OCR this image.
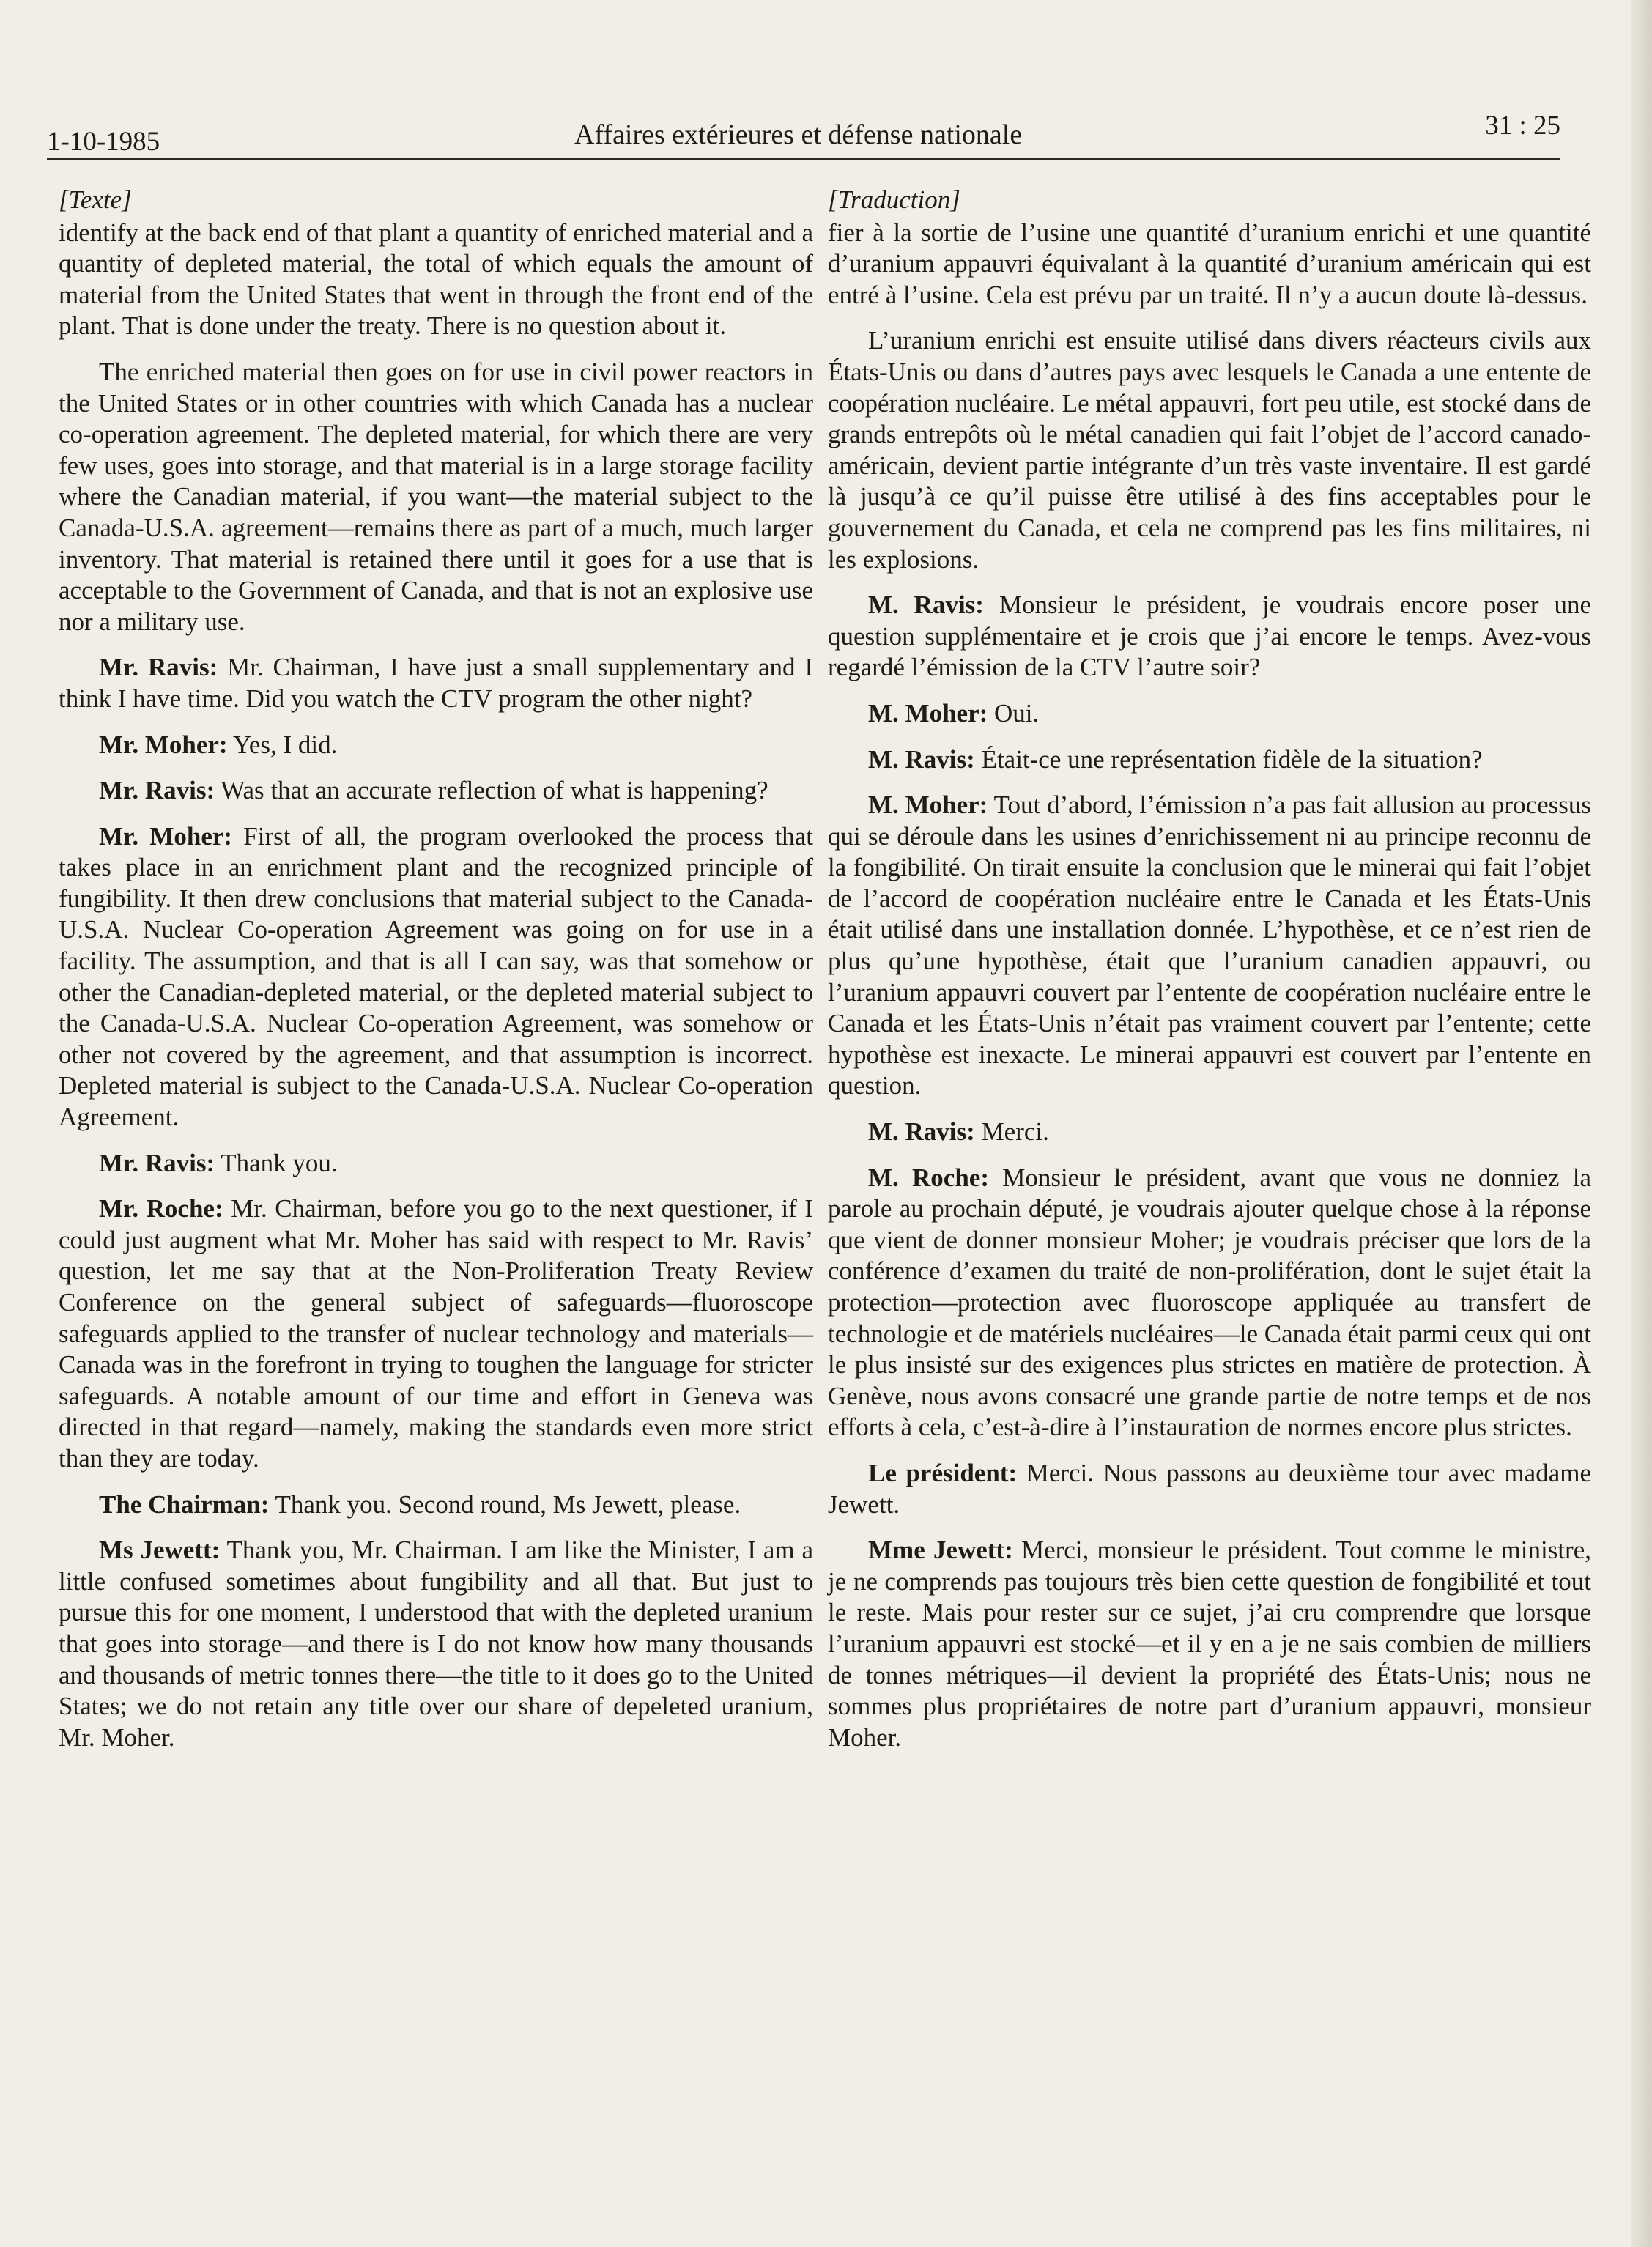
1-10-1985	Affaires extérieures et défense nationale	31 : 25
[Texte]

identify at the back end of that plant a quantity of enriched material and a quantity of depleted material, the total of which equals the amount of material from the United States that went in through the front end of the plant. That is done under the treaty. There is no question about it.

The enriched material then goes on for use in civil power reactors in the United States or in other countries with which Canada has a nuclear co-operation agreement. The depleted material, for which there are very few uses, goes into storage, and that material is in a large storage facility where the Canadian material, if you want—the material subject to the Canada-U.S.A. agreement—remains there as part of a much, much larger inventory. That material is retained there until it goes for a use that is acceptable to the Government of Canada, and that is not an explosive use nor a military use.

Mr. Ravis: Mr. Chairman, I have just a small supplementary and I think I have time. Did you watch the CTV program the other night?

Mr. Moher: Yes, I did.

Mr. Ravis: Was that an accurate reflection of what is happening?

Mr. Moher: First of all, the program overlooked the process that takes place in an enrichment plant and the recognized principle of fungibility. It then drew conclusions that material subject to the Canada-U.S.A. Nuclear Co-operation Agreement was going on for use in a facility. The assumption, and that is all I can say, was that somehow or other the Canadian-depleted material, or the depleted material subject to the Canada-U.S.A. Nuclear Co-operation Agreement, was somehow or other not covered by the agreement, and that assumption is incorrect. Depleted material is subject to the Canada-U.S.A. Nuclear Co-operation Agreement.

Mr. Ravis: Thank you.

Mr. Roche: Mr. Chairman, before you go to the next questioner, if I could just augment what Mr. Moher has said with respect to Mr. Ravis’ question, let me say that at the Non-Proliferation Treaty Review Conference on the general subject of safeguards—fluoroscope safeguards applied to the transfer of nuclear technology and materials—Canada was in the forefront in trying to toughen the language for stricter safeguards. A notable amount of our time and effort in Geneva was directed in that regard—namely, making the standards even more strict than they are today.

The Chairman: Thank you. Second round, Ms Jewett, please.

Ms Jewett: Thank you, Mr. Chairman. I am like the Minister, I am a little confused sometimes about fungibility and all that. But just to pursue this for one moment, I understood that with the depleted uranium that goes into storage—and there is I do not know how many thousands and thousands of metric tonnes there—the title to it does go to the United States; we do not retain any title over our share of depeleted uranium, Mr. Moher.

[Traduction]

fier à la sortie de l’usine une quantité d’uranium enrichi et une quantité d’uranium appauvri équivalant à la quantité d’uranium américain qui est entré à l’usine. Cela est prévu par un traité. Il n’y a aucun doute là-dessus.

L’uranium enrichi est ensuite utilisé dans divers réacteurs civils aux États-Unis ou dans d’autres pays avec lesquels le Canada a une entente de coopération nucléaire. Le métal appauvri, fort peu utile, est stocké dans de grands entrepôts où le métal canadien qui fait l’objet de l’accord canado-américain, devient partie intégrante d’un très vaste inventaire. Il est gardé là jusqu’à ce qu’il puisse être utilisé à des fins acceptables pour le gouvernement du Canada, et cela ne comprend pas les fins militaires, ni les explosions.

M. Ravis: Monsieur le président, je voudrais encore poser une question supplémentaire et je crois que j’ai encore le temps. Avez-vous regardé l’émission de la CTV l’autre soir?

M. Moher: Oui.

M. Ravis: Était-ce une représentation fidèle de la situation?

M. Moher: Tout d’abord, l’émission n’a pas fait allusion au processus qui se déroule dans les usines d’enrichissement ni au principe reconnu de la fongibilité. On tirait ensuite la conclusion que le minerai qui fait l’objet de l’accord de coopération nucléaire entre le Canada et les États-Unis était utilisé dans une installation donnée. L’hypothèse, et ce n’est rien de plus qu’une hypothèse, était que l’uranium canadien appauvri, ou l’uranium appauvri couvert par l’entente de coopération nucléaire entre le Canada et les États-Unis n’était pas vraiment couvert par l’entente; cette hypothèse est inexacte. Le minerai appauvri est couvert par l’entente en question.

M. Ravis: Merci.

M. Roche: Monsieur le président, avant que vous ne donniez la parole au prochain député, je voudrais ajouter quelque chose à la réponse que vient de donner monsieur Moher; je voudrais préciser que lors de la conférence d’examen du traité de non-prolifération, dont le sujet était la protection—protection avec fluoroscope appliquée au transfert de technologie et de matériels nucléaires—le Canada était parmi ceux qui ont le plus insisté sur des exigences plus strictes en matière de protection. À Genève, nous avons consacré une grande partie de notre temps et de nos efforts à cela, c’est-à-dire à l’instauration de normes encore plus strictes.

Le président: Merci. Nous passons au deuxième tour avec madame Jewett.

Mme Jewett: Merci, monsieur le président. Tout comme le ministre, je ne comprends pas toujours très bien cette question de fongibilité et tout le reste. Mais pour rester sur ce sujet, j’ai cru comprendre que lorsque l’uranium appauvri est stocké—et il y en a je ne sais combien de milliers de tonnes métriques—il devient la propriété des États-Unis; nous ne sommes plus propriétaires de notre part d’uranium appauvri, monsieur Moher.
